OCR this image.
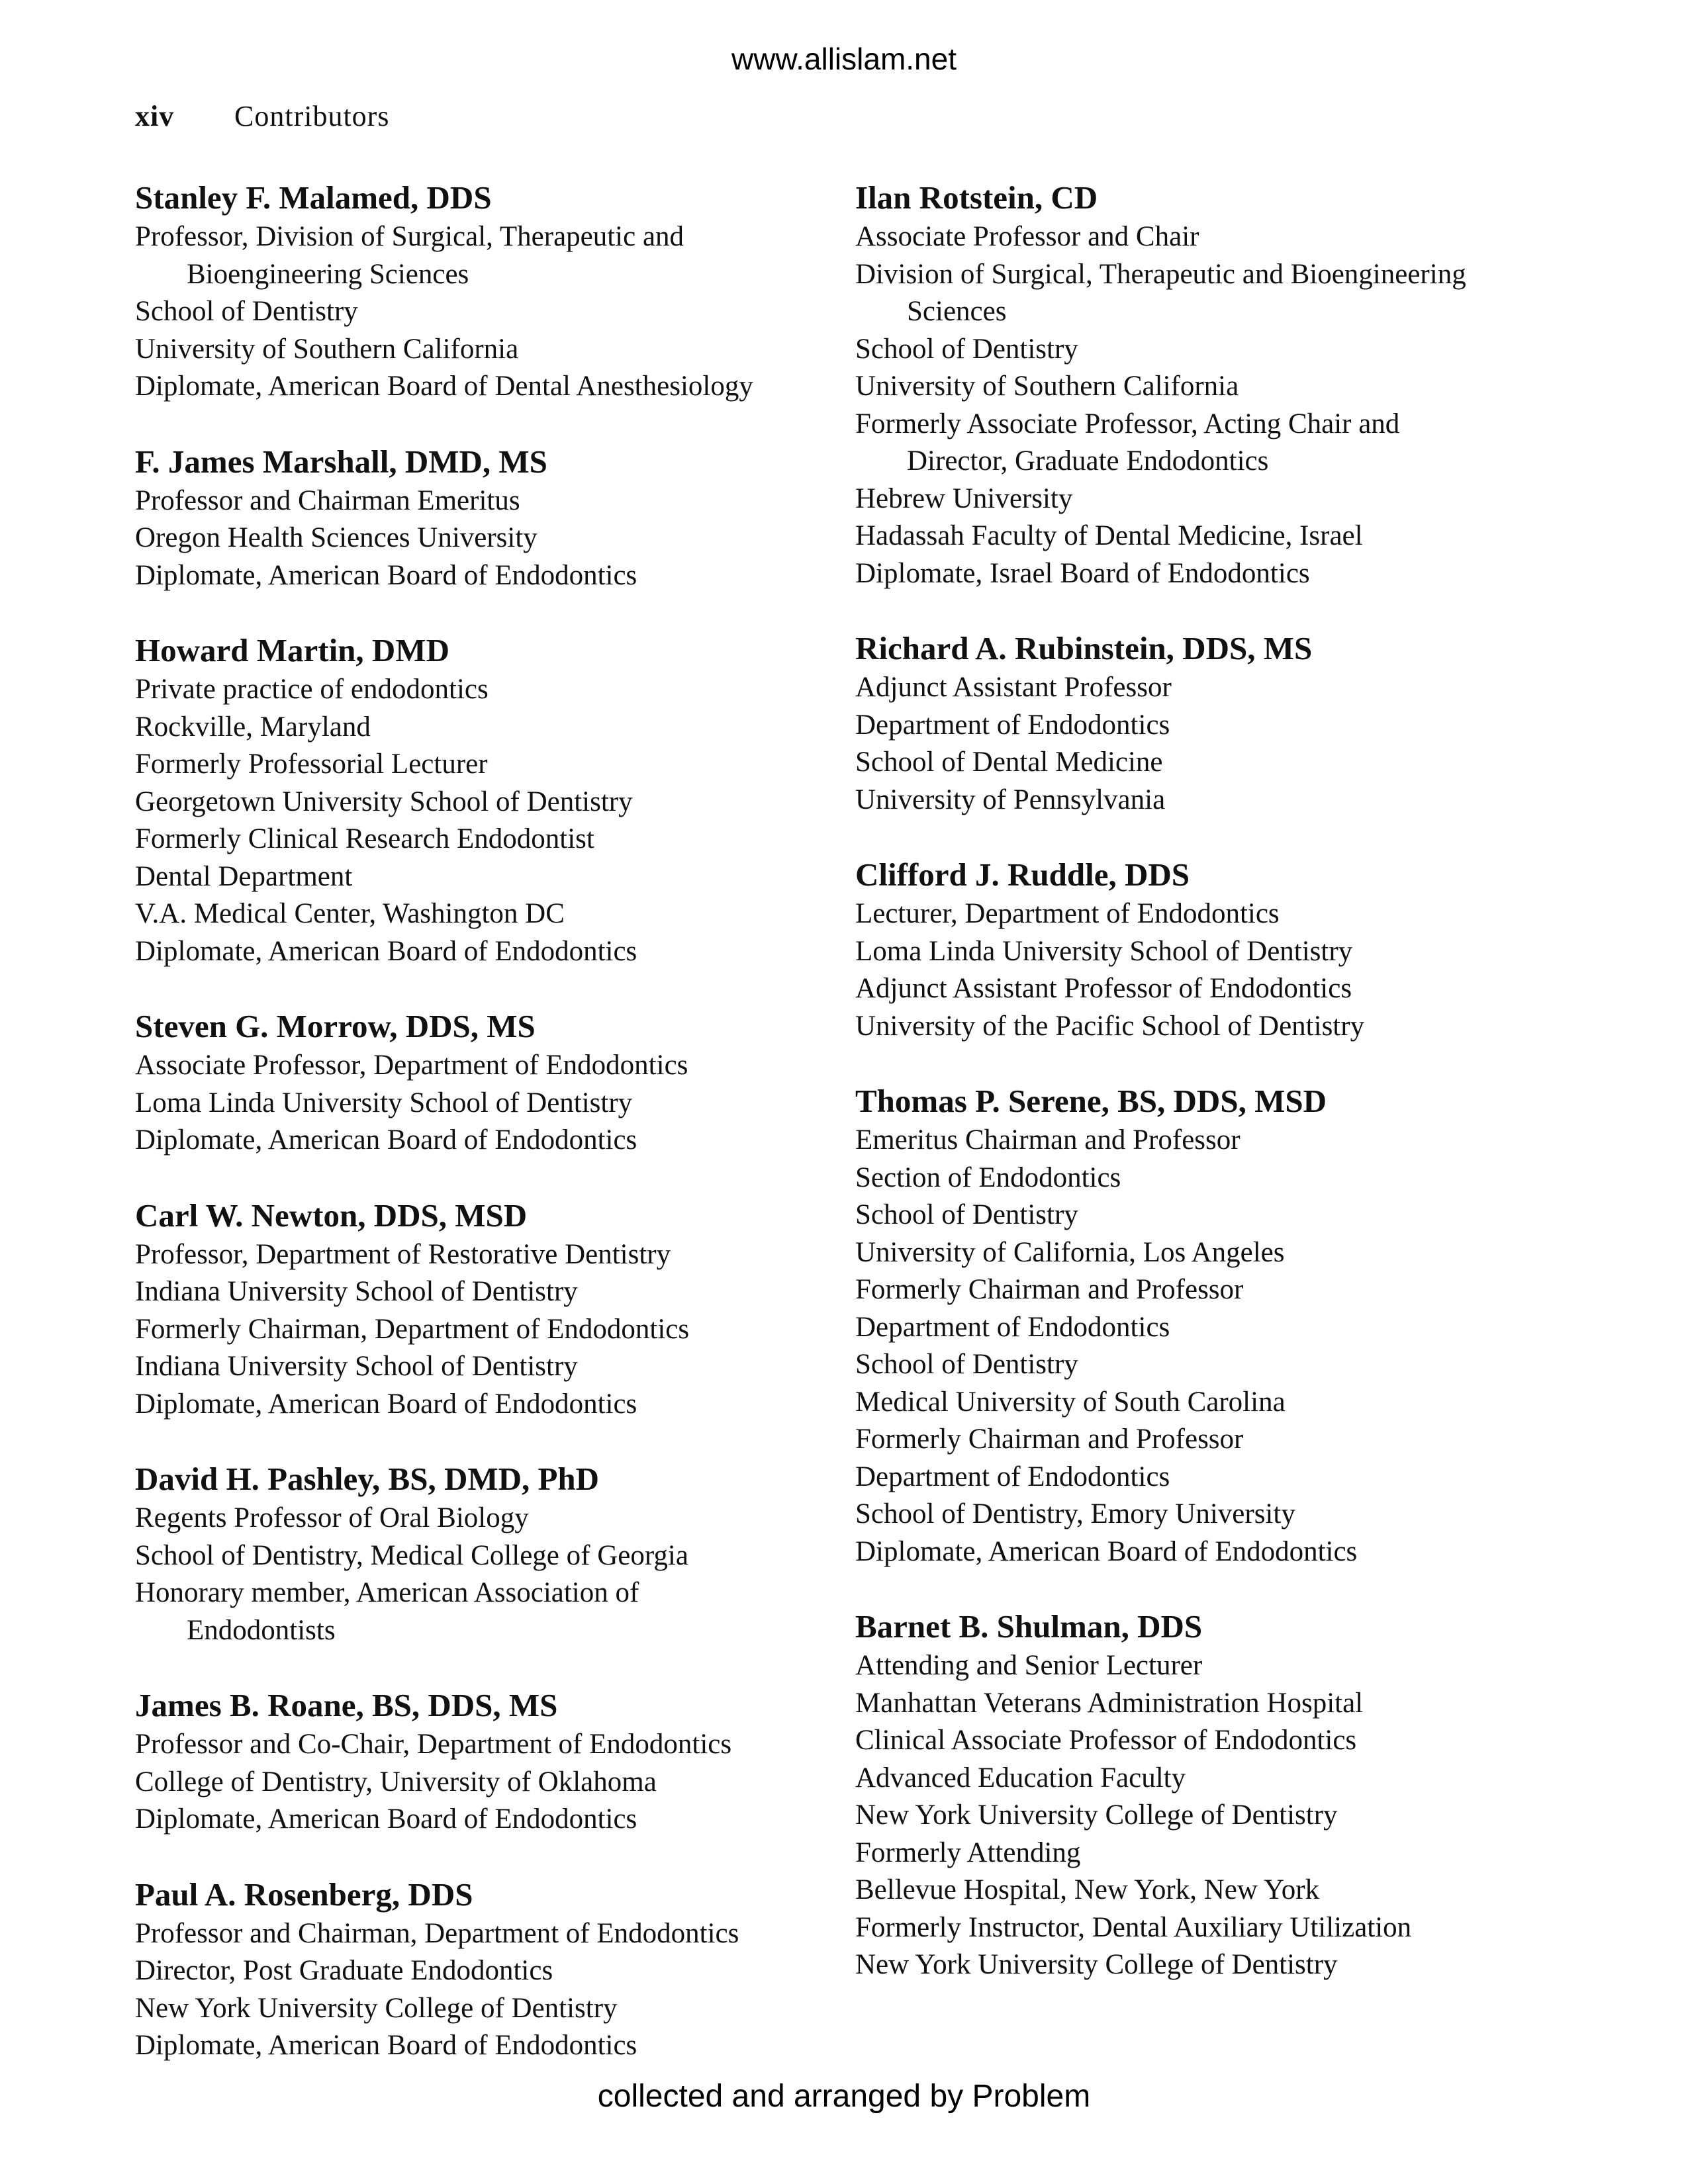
www.allislam.net
xiv Contributors
Stanley F. Malamed, DDS
Professor, Division of Surgical, Therapeutic and
Bioengineering Sciences
School of Dentistry
University of Southern California
Diplomate, American Board of Dental Anesthesiology
F. James Marshall, DMD, MS
Professor and Chairman Emeritus
Oregon Health Sciences University
Diplomate, American Board of Endodontics
Howard Martin, DMD
Private practice of endodontics
Rockville, Maryland
Formerly Professorial Lecturer
Georgetown University School of Dentistry
Formerly Clinical Research Endodontist
Dental Department
V.A. Medical Center, Washington DC
Diplomate, American Board of Endodontics
Steven G. Morrow, DDS, MS
Associate Professor, Department of Endodontics
Loma Linda University School of Dentistry
Diplomate, American Board of Endodontics
Carl W. Newton, DDS, MSD
Professor, Department of Restorative Dentistry
Indiana University School of Dentistry
Formerly Chairman, Department of Endodontics
Indiana University School of Dentistry
Diplomate, American Board of Endodontics
David H. Pashley, BS, DMD, PhD
Regents Professor of Oral Biology
School of Dentistry, Medical College of Georgia
Honorary member, American Association of
Endodontists
James B. Roane, BS, DDS, MS
Professor and Co-Chair, Department of Endodontics
College of Dentistry, University of Oklahoma
Diplomate, American Board of Endodontics
Paul A. Rosenberg, DDS
Professor and Chairman, Department of Endodontics
Director, Post Graduate Endodontics
New York University College of Dentistry
Diplomate, American Board of Endodontics
Ilan Rotstein, CD
Associate Professor and Chair
Division of Surgical, Therapeutic and Bioengineering
Sciences
School of Dentistry
University of Southern California
Formerly Associate Professor, Acting Chair and
Director, Graduate Endodontics
Hebrew University
Hadassah Faculty of Dental Medicine, Israel
Diplomate, Israel Board of Endodontics
Richard A. Rubinstein, DDS, MS
Adjunct Assistant Professor
Department of Endodontics
School of Dental Medicine
University of Pennsylvania
Clifford J. Ruddle, DDS
Lecturer, Department of Endodontics
Loma Linda University School of Dentistry
Adjunct Assistant Professor of Endodontics
University of the Pacific School of Dentistry
Thomas P. Serene, BS, DDS, MSD
Emeritus Chairman and Professor
Section of Endodontics
School of Dentistry
University of California, Los Angeles
Formerly Chairman and Professor
Department of Endodontics
School of Dentistry
Medical University of South Carolina
Formerly Chairman and Professor
Department of Endodontics
School of Dentistry, Emory University
Diplomate, American Board of Endodontics
Barnet B. Shulman, DDS
Attending and Senior Lecturer
Manhattan Veterans Administration Hospital
Clinical Associate Professor of Endodontics
Advanced Education Faculty
New York University College of Dentistry
Formerly Attending
Bellevue Hospital, New York, New York
Formerly Instructor, Dental Auxiliary Utilization
New York University College of Dentistry
collected and arranged by Problem
